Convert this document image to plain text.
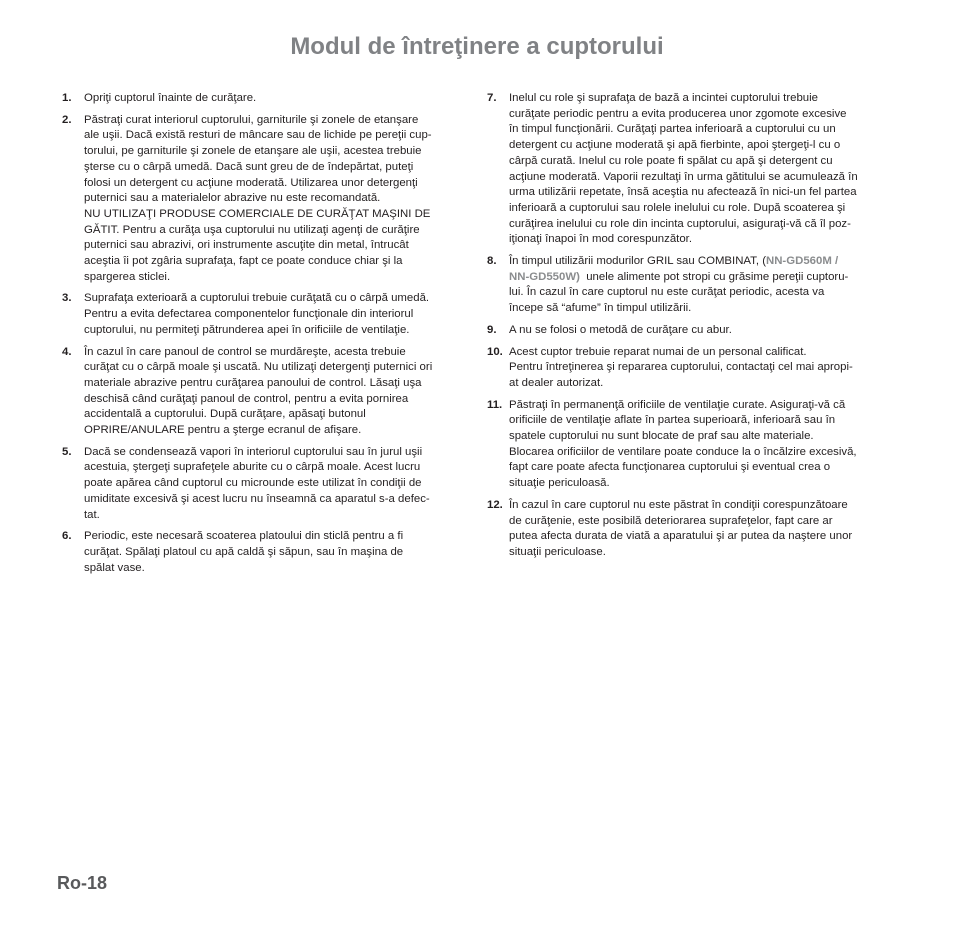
Modul de întreţinere a cuptorului
1.	Opriţi cuptorul înainte de curăţare.
2.	Păstraţi curat interiorul cuptorului, garniturile şi zonele de etanşare
ale uşii. Dacă există resturi de mâncare sau de lichide pe pereţii cup-
torului, pe garniturile şi zonele de etanşare ale uşii, acestea trebuie
şterse cu o cârpă umedă. Dacă sunt greu de de îndepărtat, puteţi
folosi un detergent cu acţiune moderată. Utilizarea unor detergenţi
puternici sau a materialelor abrazive nu este recomandată.
NU UTILIZAŢI PRODUSE COMERCIALE DE CURĂŢAT MAŞINI DE
GĂTIT. Pentru a curăţa uşa cuptorului nu utilizaţi agenţi de curăţire
puternici sau abrazivi, ori instrumente ascuţite din metal, întrucât
aceştia îi pot zgâria suprafaţa, fapt ce poate conduce chiar şi la
spargerea sticlei.
3.	Suprafaţa exterioară a cuptorului trebuie curăţată cu o cârpă umedă.
Pentru a evita defectarea componentelor funcţionale din interiorul
cuptorului, nu permiteţi pătrunderea apei în orificiile de ventilaţie.
4.	În cazul în care panoul de control se murdăreşte, acesta trebuie
curăţat cu o cârpă moale şi uscată. Nu utilizaţi detergenţi puternici ori
materiale abrazive pentru curăţarea panoului de control. Lăsaţi uşa
deschisă când curăţaţi panoul de control, pentru a evita pornirea
accidentală a cuptorului. După curăţare, apăsaţi butonul
OPRIRE/ANULARE pentru a şterge ecranul de afişare.
5.	Dacă se condensează vapori în interiorul cuptorului sau în jurul uşii
acestuia, ştergeţi suprafeţele aburite cu o cârpă moale. Acest lucru
poate apărea când cuptorul cu microunde este utilizat în condiţii de
umiditate excesivă şi acest lucru nu înseamnă ca aparatul s-a defec-
tat.
6.	Periodic, este necesară scoaterea platoului din sticlă pentru a fi
curăţat. Spălaţi platoul cu apă caldă şi săpun, sau în maşina de
spălat vase.
7.	Inelul cu role şi suprafaţa de bază a incintei cuptorului trebuie
curăţate periodic pentru a evita producerea unor zgomote excesive
în timpul funcţionării. Curăţaţi partea inferioară a cuptorului cu un
detergent cu acţiune moderată şi apă fierbinte, apoi ştergeţi-l cu o
cârpă curată. Inelul cu role poate fi spălat cu apă şi detergent cu
acţiune moderată. Vaporii rezultaţi în urma gătitului se acumulează în
urma utilizării repetate, însă aceştia nu afectează în nici-un fel partea
inferioară a cuptorului sau rolele inelului cu role. După scoaterea şi
curăţirea inelului cu role din incinta cuptorului, asiguraţi-vă că îl poz-
iţionaţi înapoi în mod corespunzător.
8.	În timpul utilizării modurilor GRIL sau COMBINAT, (NN-GD560M /
NN-GD550W)  unele alimente pot stropi cu grăsime pereţii cuptoru-
lui. În cazul în care cuptorul nu este curăţat periodic, acesta va
începe să “afume” în timpul utilizării.
9.	A nu se folosi o metodă de curăţare cu abur.
10. Acest cuptor trebuie reparat numai de un personal calificat.
Pentru întreţinerea şi repararea cuptorului, contactaţi cel mai apropi-
at dealer autorizat.
11. Păstraţi în permanenţă orificiile de ventilaţie curate. Asiguraţi-vă că
orificiile de ventilaţie aflate în partea superioară, inferioară sau în
spatele cuptorului nu sunt blocate de praf sau alte materiale.
Blocarea orificiilor de ventilare poate conduce la o încălzire excesivă,
fapt care poate afecta funcţionarea cuptorului şi eventual crea o
situaţie periculoasă.
12. În cazul în care cuptorul nu este păstrat în condiţii corespunzătoare
de curăţenie, este posibilă deteriorarea suprafeţelor, fapt care ar
putea afecta durata de viată a aparatului şi ar putea da naştere unor
situaţii periculoase.
Ro-18
